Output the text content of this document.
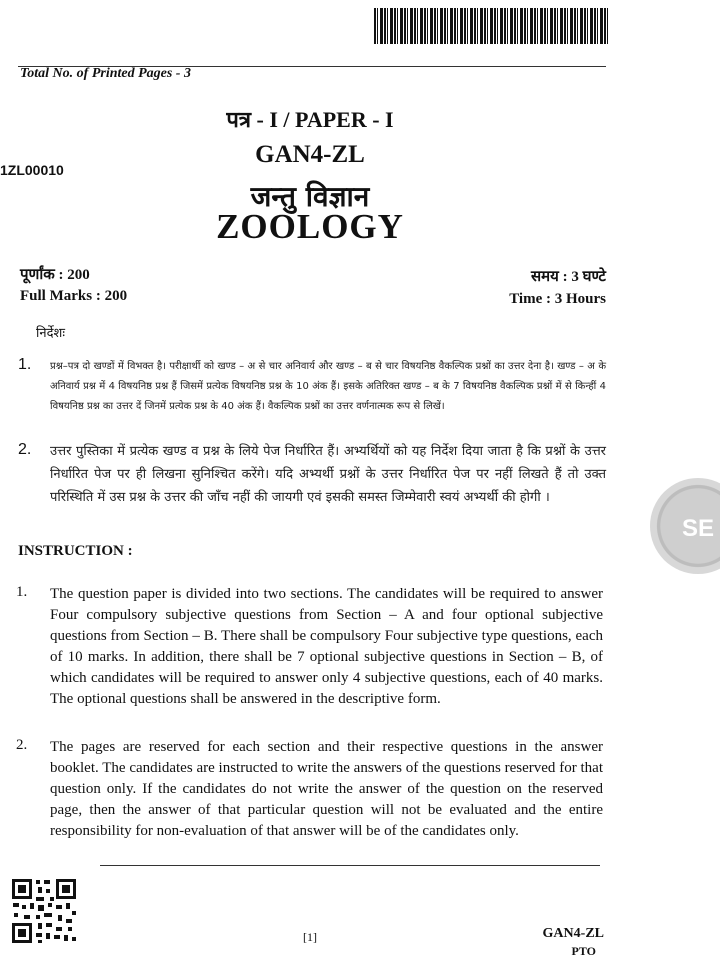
Total No. of Printed Pages - 3
पत्र - I / PAPER - I
GAN4-ZL
1ZL00010
जन्तु विज्ञान
ZOOLOGY
पूर्णांक : 200
Full Marks : 200
समय : 3 घण्टे
Time : 3 Hours
निर्देशः
1. प्रश्न–पत्र दो खण्डों में विभक्त है। परीक्षार्थी को खण्ड – अ से चार अनिवार्य और खण्ड – ब से चार विषयनिष्ठ वैकल्पिक प्रश्नों का उत्तर देना है। खण्ड – अ के अनिवार्य प्रश्न में 4 विषयनिष्ठ प्रश्न हैं जिसमें प्रत्येक विषयनिष्ठ प्रश्न के 10 अंक हैं। इसके अतिरिक्त खण्ड – ब के 7 विषयनिष्ठ वैकल्पिक प्रश्नों में से किन्हीं 4 विषयनिष्ठ प्रश्न का उत्तर दें जिनमें प्रत्येक प्रश्न के 40 अंक हैं। वैकल्पिक प्रश्नों का उत्तर वर्णनात्मक रूप से लिखें।
2. उत्तर पुस्तिका में प्रत्येक खण्ड व प्रश्न के लिये पेज निर्धारित हैं। अभ्यर्थियों को यह निर्देश दिया जाता है कि प्रश्नों के उत्तर निर्धारित पेज पर ही लिखना सुनिश्चित करेंगे। यदि अभ्यर्थी प्रश्नों के उत्तर निर्धारित पेज पर नहीं लिखते हैं तो उक्त परिस्थिति में उस प्रश्न के उत्तर की जाँच नहीं की जायगी एवं इसकी समस्त जिम्मेवारी स्वयं अभ्यर्थी की होगी ।
INSTRUCTION :
1. The question paper is divided into two sections. The candidates will be required to answer Four compulsory subjective questions from Section – A and four optional subjective questions from Section – B. There shall be compulsory Four subjective type questions, each of 10 marks. In addition, there shall be 7 optional subjective questions in Section – B, of which candidates will be required to answer only 4 subjective questions, each of 40 marks. The optional questions shall be answered in the descriptive form.
2. The pages are reserved for each section and their respective questions in the answer booklet. The candidates are instructed to write the answers of the questions reserved for that question only. If the candidates do not write the answer of the question on the reserved page, then the answer of that particular question will not be evaluated and the entire responsibility for non-evaluation of that answer will be of the candidates only.
[1]	GAN4-ZL
PTO
SE
